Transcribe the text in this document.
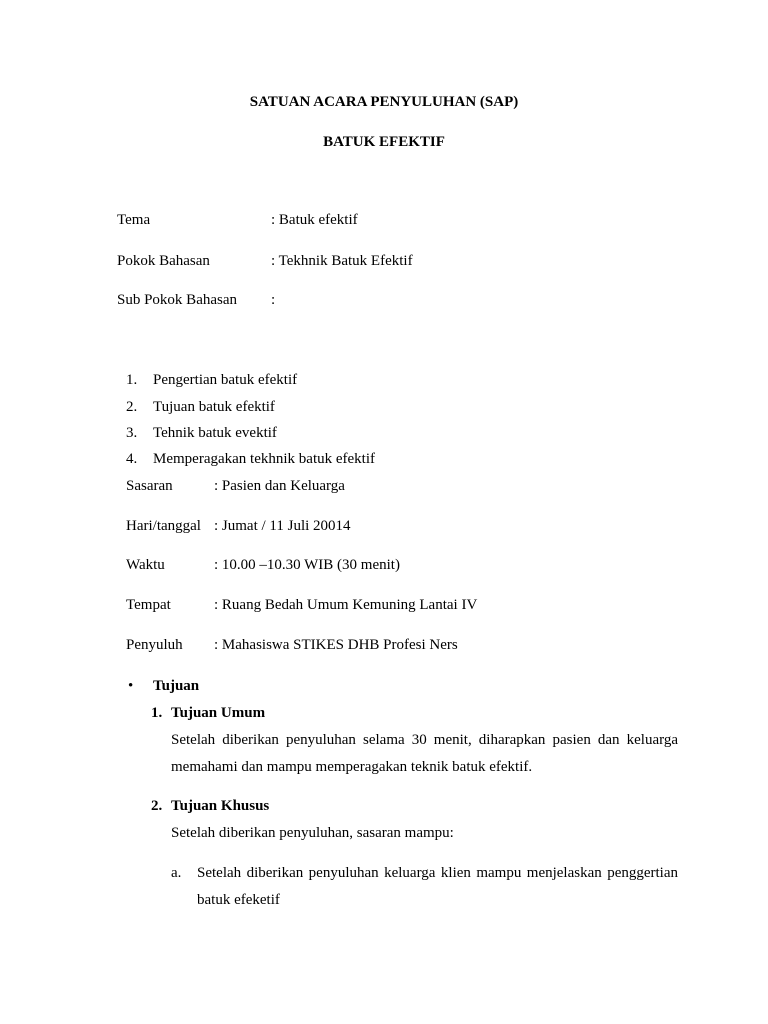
SATUAN ACARA PENYULUHAN (SAP)
BATUK EFEKTIF
Tema	: Batuk efektif
Pokok Bahasan	: Tekhnik Batuk Efektif
Sub Pokok Bahasan :
1. Pengertian batuk efektif
2. Tujuan batuk efektif
3. Tehnik batuk evektif
4. Memperagakan tekhnik batuk efektif
Sasaran	: Pasien dan Keluarga
Hari/tanggal : Jumat / 11 Juli 20014
Waktu	: 10.00 –10.30 WIB (30 menit)
Tempat	: Ruang Bedah Umum Kemuning Lantai IV
Penyuluh : Mahasiswa STIKES DHB Profesi Ners
• Tujuan
1. Tujuan Umum
Setelah diberikan penyuluhan selama 30 menit, diharapkan pasien dan keluarga memahami dan mampu memperagakan teknik batuk efektif.
2. Tujuan Khusus
Setelah diberikan penyuluhan, sasaran mampu:
a. Setelah diberikan penyuluhan keluarga klien mampu menjelaskan penggertian batuk efeketif
